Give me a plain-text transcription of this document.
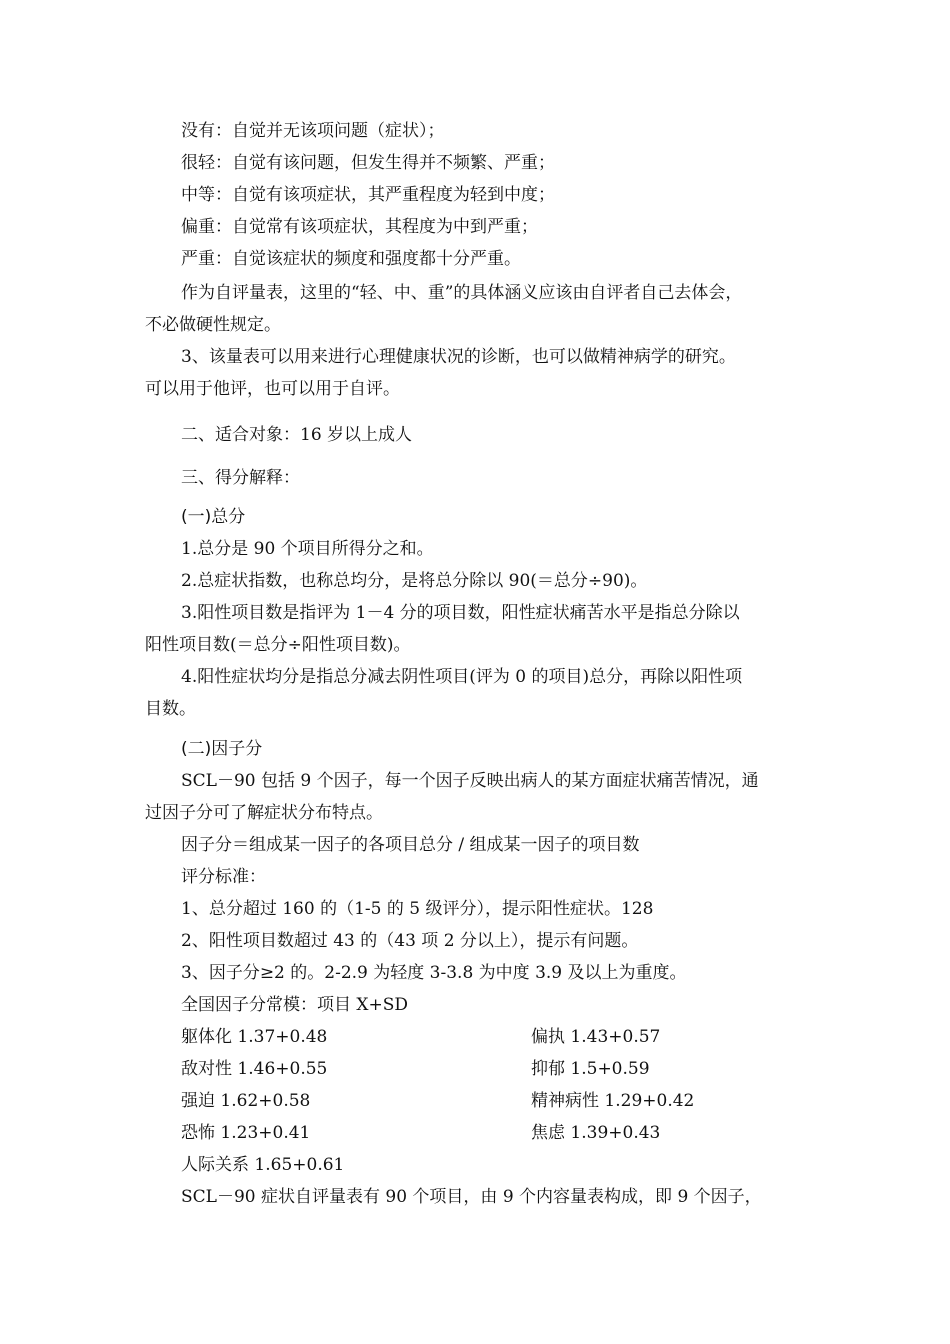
没有：自觉并无该项问题（症状）；
很轻：自觉有该问题，但发生得并不频繁、严重；
中等：自觉有该项症状，其严重程度为轻到中度；
偏重：自觉常有该项症状，其程度为中到严重；
严重：自觉该症状的频度和强度都十分严重。
作为自评量表，这里的“轻、中、重”的具体涵义应该由自评者自己去体会，
不必做硬性规定。
3、该量表可以用来进行心理健康状况的诊断，也可以做精神病学的研究。
可以用于他评，也可以用于自评。
二、适合对象：16 岁以上成人
三、得分解释：
(一)总分
1.总分是 90 个项目所得分之和。
2.总症状指数，也称总均分，是将总分除以 90(＝总分÷90)。
3.阳性项目数是指评为 1－4 分的项目数，阳性症状痛苦水平是指总分除以
阳性项目数(＝总分÷阳性项目数)。
4.阳性症状均分是指总分减去阴性项目(评为 0 的项目)总分，再除以阳性项
目数。
(二)因子分
SCL－90 包括 9 个因子，每一个因子反映出病人的某方面症状痛苦情况，通
过因子分可了解症状分布特点。
因子分＝组成某一因子的各项目总分 / 组成某一因子的项目数
评分标准：
1、总分超过 160 的（1-5 的 5 级评分），提示阳性症状。128
2、阳性项目数超过 43 的（43 项 2 分以上），提示有问题。
3、因子分≥2 的。2-2.9 为轻度 3-3.8 为中度 3.9 及以上为重度。
全国因子分常模：项目 X+SD
躯体化 1.37+0.48	偏执 1.43+0.57
敌对性 1.46+0.55	抑郁 1.5+0.59
强迫 1.62+0.58	精神病性 1.29+0.42
恐怖 1.23+0.41	焦虑 1.39+0.43
人际关系 1.65+0.61
SCL－90 症状自评量表有 90 个项目，由 9 个内容量表构成，即 9 个因子，
